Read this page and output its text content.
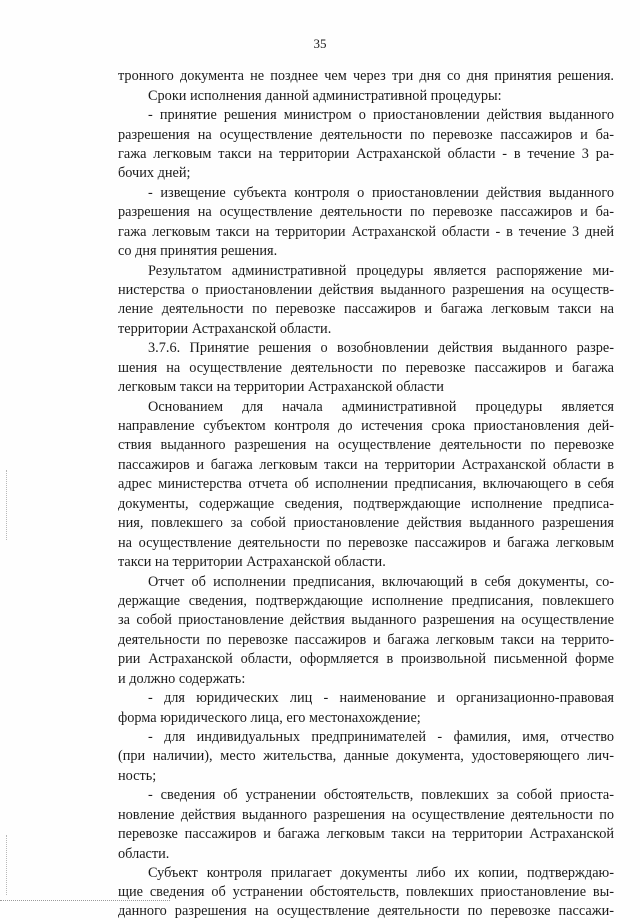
35
тронного документа не позднее чем через три дня со дня принятия решения.
Сроки исполнения данной административной процедуры:
- принятие решения министром о приостановлении действия выданного
разрешения на осуществление деятельности по перевозке пассажиров и ба-
гажа легковым такси на территории Астраханской области - в течение 3 ра-
бочих дней;
- извещение субъекта контроля о приостановлении действия выданного
разрешения на осуществление деятельности по перевозке пассажиров и ба-
гажа легковым такси на территории Астраханской области - в течение 3 дней
со дня принятия решения.
Результатом административной процедуры является распоряжение ми-
нистерства о приостановлении действия выданного разрешения на осуществ-
ление деятельности по перевозке пассажиров и багажа легковым такси на
территории Астраханской области.
3.7.6. Принятие решения о возобновлении действия выданного разре-
шения на осуществление деятельности по перевозке пассажиров и багажа
легковым такси на территории Астраханской области
Основанием для начала административной процедуры является
направление субъектом контроля до истечения срока приостановления дей-
ствия выданного разрешения на осуществление деятельности по перевозке
пассажиров и багажа легковым такси на территории Астраханской области в
адрес министерства отчета об исполнении предписания, включающего в себя
документы, содержащие сведения, подтверждающие исполнение предписа-
ния, повлекшего за собой приостановление действия выданного разрешения
на осуществление деятельности по перевозке пассажиров и багажа легковым
такси на территории Астраханской области.
Отчет об исполнении предписания, включающий в себя документы, со-
держащие сведения, подтверждающие исполнение предписания, повлекшего
за собой приостановление действия выданного разрешения на осуществление
деятельности по перевозке пассажиров и багажа легковым такси на террито-
рии Астраханской области, оформляется в произвольной письменной форме
и должно содержать:
- для юридических лиц - наименование и организационно-правовая
форма юридического лица, его местонахождение;
- для индивидуальных предпринимателей - фамилия, имя, отчество
(при наличии), место жительства, данные документа, удостоверяющего лич-
ность;
- сведения об устранении обстоятельств, повлекших за собой приоста-
новление действия выданного разрешения на осуществление деятельности по
перевозке пассажиров и багажа легковым такси на территории Астраханской
области.
Субъект контроля прилагает документы либо их копии, подтверждаю-
щие сведения об устранении обстоятельств, повлекших приостановление вы-
данного разрешения на осуществление деятельности по перевозке пассажи-
